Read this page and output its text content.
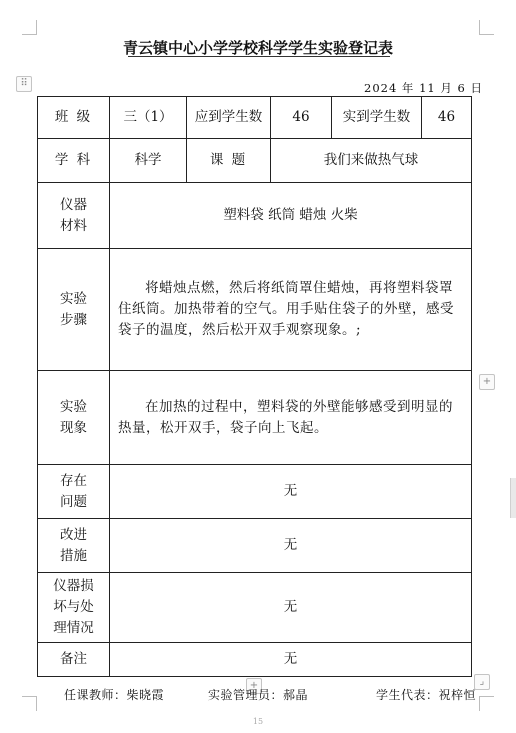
青云镇中心小学学校科学学生实验登记表
2024 年 11 月 6 日
⠿
+
+	⌟
班 级	三（1）	应到学生数	46	实到学生数	46
学 科	科学	课 题	我们来做热气球		

仪器
材料	塑料袋 纸筒 蜡烛 火柴				

实验
步骤	将蜡烛点燃，然后将纸筒罩住蜡烛，再将塑料袋罩住纸筒。加热带着的空气。用手贴住袋子的外壁，感受袋子的温度，然后松开双手观察现象。;				

实验
现象	在加热的过程中，塑料袋的外壁能够感受到明显的热量，松开双手，袋子向上飞起。				

存在
问题	无				

改进
措施	无				

仪器损
坏与处
理情况	无				
备注	无				
任课教师：柴晓霞	实验管理员：郝晶	学生代表：祝梓恒
15
